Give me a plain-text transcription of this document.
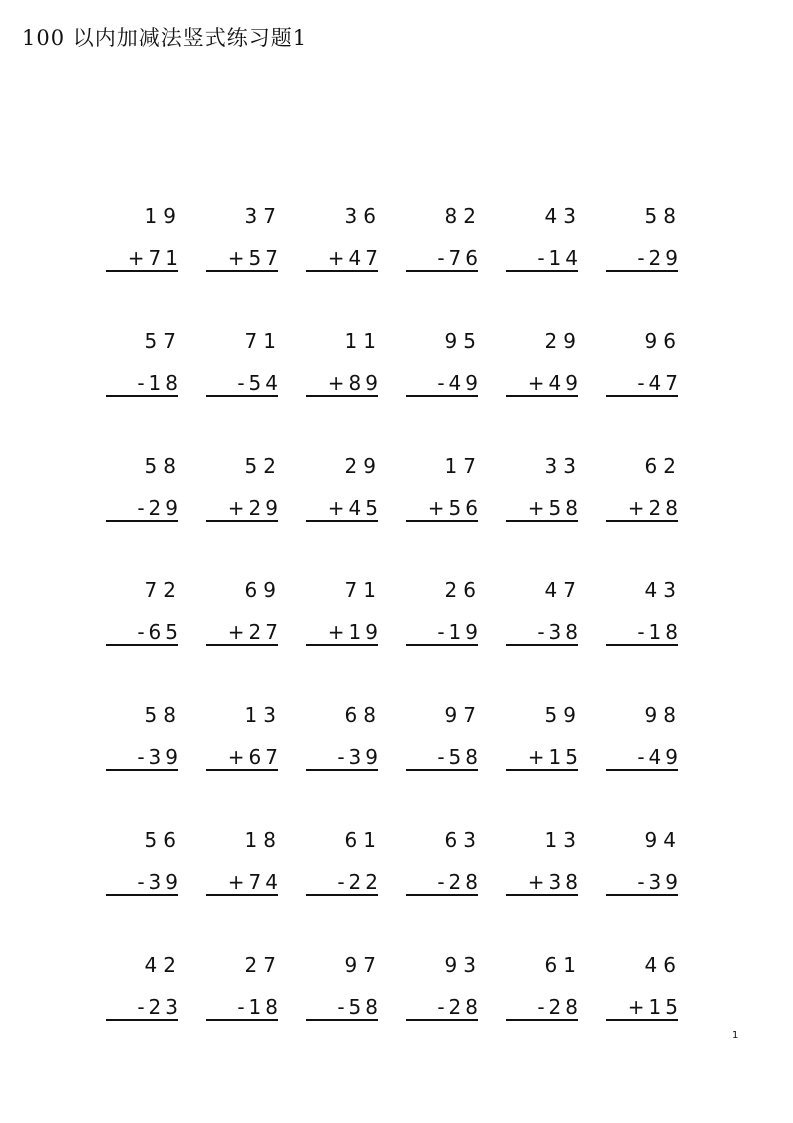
100 以内加减法竖式练习题1
19
+71
37
+57
36
+47
82
-76
43
-14
58
-29
57
-18
71
-54
11
+89
95
-49
29
+49
96
-47
58
-29
52
+29
29
+45
17
+56
33
+58
62
+28
72
-65
69
+27
71
+19
26
-19
47
-38
43
-18
58
-39
13
+67
68
-39
97
-58
59
+15
98
-49
56
-39
18
+74
61
-22
63
-28
13
+38
94
-39
42
-23
27
-18
97
-58
93
-28
61
-28
46
+15
1
